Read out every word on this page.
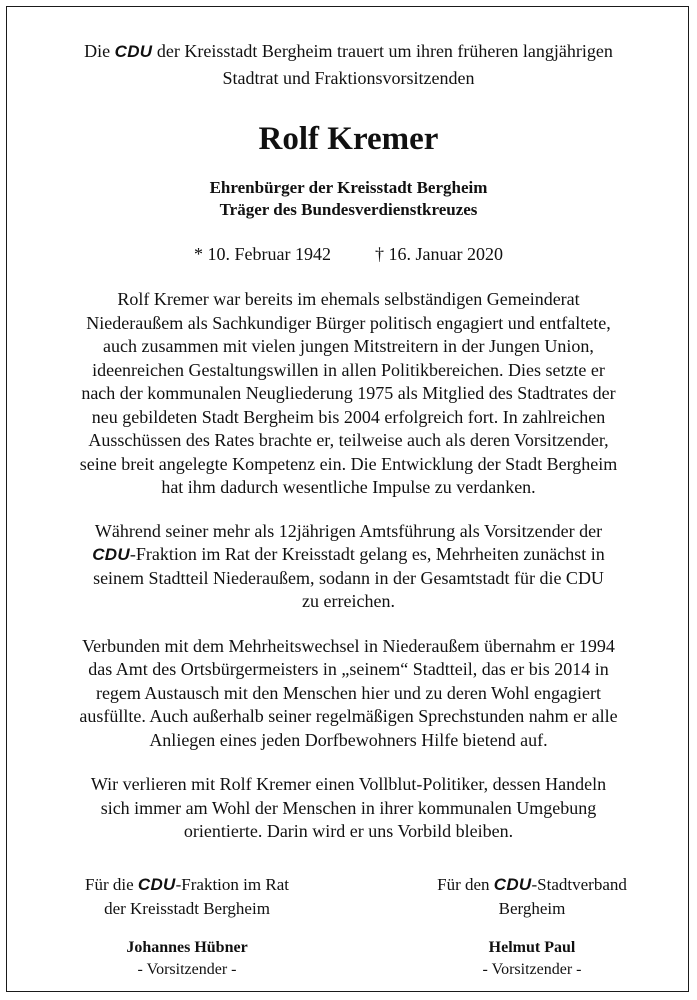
Die CDU der Kreisstadt Bergheim trauert um ihren früheren langjährigen
Stadtrat und Fraktionsvorsitzenden

Rolf Kremer
Ehrenbürger der Kreisstadt Bergheim
Träger des Bundesverdienstkreuzes
* 10. Februar 1942 † 16. Januar 2020

Rolf Kremer war bereits im ehemals selbständigen Gemeinderat
Niederaußem als Sachkundiger Bürger politisch engagiert und entfaltete,
auch zusammen mit vielen jungen Mitstreitern in der Jungen Union,
ideenreichen Gestaltungswillen in allen Politikbereichen. Dies setzte er
nach der kommunalen Neugliederung 1975 als Mitglied des Stadtrates der
neu gebildeten Stadt Bergheim bis 2004 erfolgreich fort. In zahlreichen
Ausschüssen des Rates brachte er, teilweise auch als deren Vorsitzender,
seine breit angelegte Kompetenz ein. Die Entwicklung der Stadt Bergheim
hat ihm dadurch wesentliche Impulse zu verdanken.

Während seiner mehr als 12jährigen Amtsführung als Vorsitzender der
CDU-Fraktion im Rat der Kreisstadt gelang es, Mehrheiten zunächst in
seinem Stadtteil Niederaußem, sodann in der Gesamtstadt für die CDU
zu erreichen.

Verbunden mit dem Mehrheitswechsel in Niederaußem übernahm er 1994
das Amt des Ortsbürgermeisters in „seinem“ Stadtteil, das er bis 2014 in
regem Austausch mit den Menschen hier und zu deren Wohl engagiert
ausfüllte. Auch außerhalb seiner regelmäßigen Sprechstunden nahm er alle
Anliegen eines jeden Dorfbewohners Hilfe bietend auf.

Wir verlieren mit Rolf Kremer einen Vollblut-Politiker, dessen Handeln
sich immer am Wohl der Menschen in ihrer kommunalen Umgebung
orientierte. Darin wird er uns Vorbild bleiben.

Für die CDU-Fraktion im Rat
der Kreisstadt Bergheim
Johannes Hübner
- Vorsitzender -
Für den CDU-Stadtverband
Bergheim
Helmut Paul
- Vorsitzender -
